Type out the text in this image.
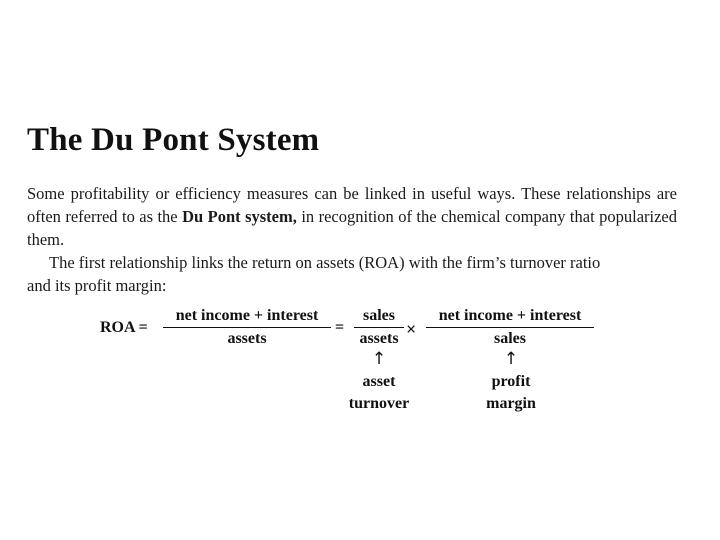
The Du Pont System

Some profitability or efficiency measures can be linked in useful ways. These relationships are often referred to as the Du Pont system, in recognition of the chemical company that popularized them.

The first relationship links the return on assets (ROA) with the firm’s turnover ratio
and its profit margin:

ROA =
net income + interest
assets
=
sales
assets ×
net income + interest
sales
↑
asset
turnover
↑
profit
margin
